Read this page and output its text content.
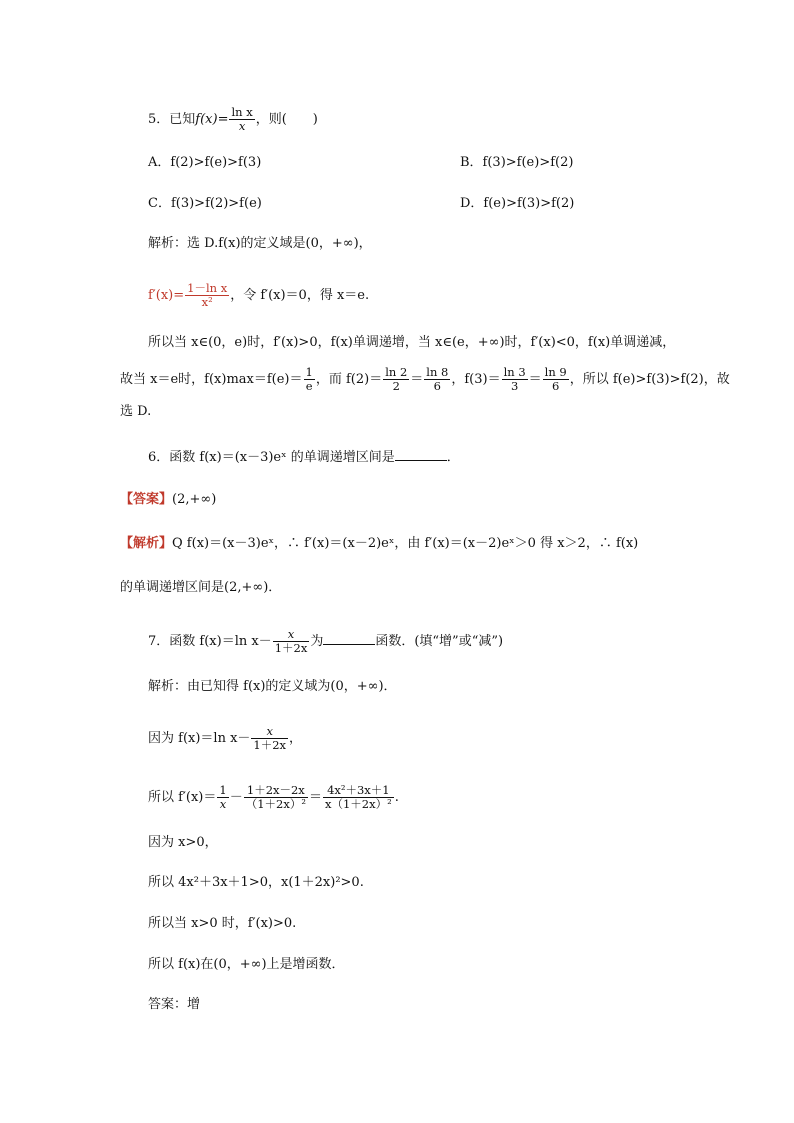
5．已知$f(x)= \frac{\text{ln x}}{x}$ ，则(　　)
A．f(2)>f(e)>f(3)	B．f(3)>f(e)>f(2)
C．f(3)>f(2)>f(e)	D．f(e)>f(3)>f(2)
解析：选 D.f(x)的定义域是(0，+∞)，
$f'(x)= \frac{\text{1－ln x}}{\text{x²}}$ ，令 f′(x)＝0，得 x＝e.
所以当 x∈(0，e)时，f′(x)>0，f(x)单调递增，当 x∈(e，+∞)时，f′(x)<0，f(x)单调递减，
故当 x＝e时，$f(x)\max=f(e)= \frac{1}{e}$ ，而 $f(2)= \frac{\ln 2}{2} = \frac{\ln 8}{6}$ ，$f(3)= \frac{\ln 3}{3} = \frac{\ln 9}{6}$ ，所以 f(e)>f(3)>f(2)，故
选 D.
6．函数 f(x)＝(x－3)eˣ 的单调递增区间是	．
【答案】(2,+∞)
【解析】Q f(x)＝(x－3)eˣ，∴ f′(x)＝(x－2)eˣ，由 f′(x)＝(x－2)eˣ＞0 得 x＞2，∴ f(x)
的单调递增区间是(2,+∞)．
7．函数 f(x)＝ln $x- \frac{x}{1+2x}$ 为	函数．(填“增”或“减”)
解析：由已知得 f(x)的定义域为(0，+∞)．
因为 f(x)＝ln $x- \frac{x}{1+2x}$ ，
所以 $f'(x)= \frac{1}{x} - \frac{1+2x-2x}{\text{（1＋2x）²}} = \frac{\text{4x²＋3x＋1}}{\text{x（1＋2x）²}}$ .
因为 x>0，
所以 4x²＋3x＋1>0，x(1＋2x)²>0.
所以当 x>0 时，f′(x)>0.
所以 f(x)在(0，+∞)上是增函数．
答案：增
